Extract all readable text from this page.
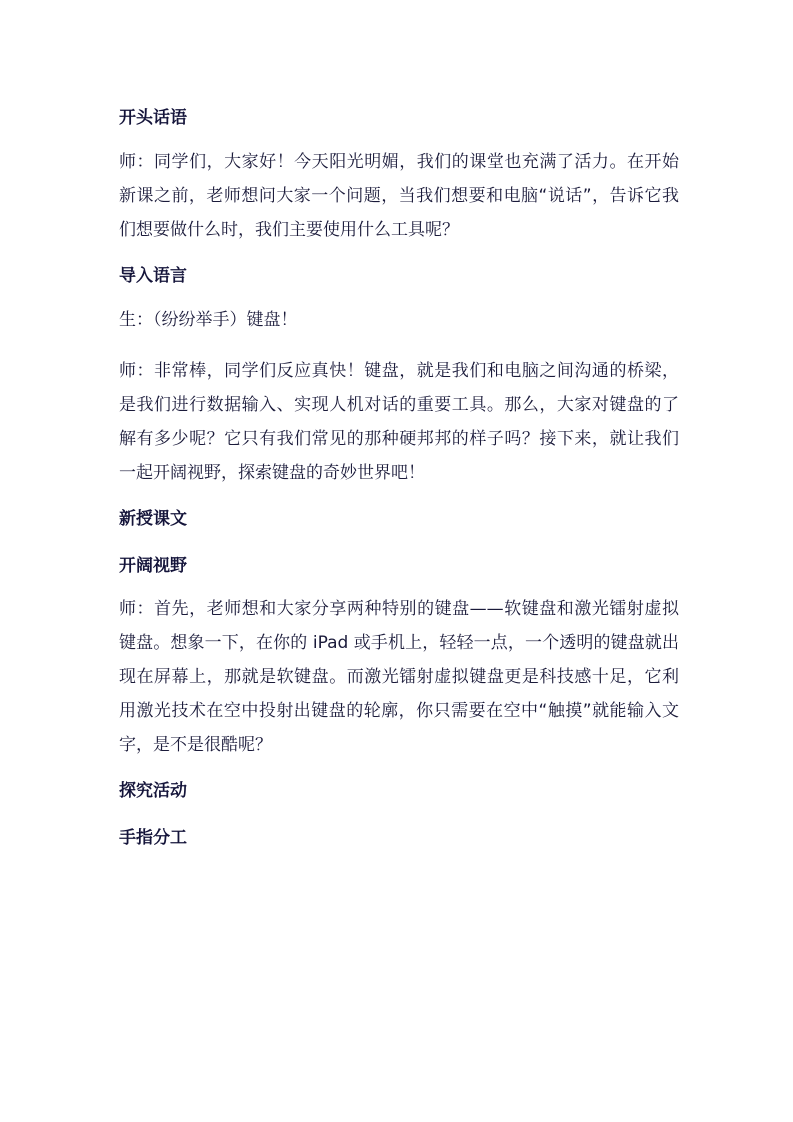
开头话语

师：同学们，大家好！今天阳光明媚，我们的课堂也充满了活力。在开始新课之前，老师想问大家一个问题，当我们想要和电脑“说话”，告诉它我们想要做什么时，我们主要使用什么工具呢？

导入语言

生：（纷纷举手）键盘！

师：非常棒，同学们反应真快！键盘，就是我们和电脑之间沟通的桥梁，是我们进行数据输入、实现人机对话的重要工具。那么，大家对键盘的了解有多少呢？它只有我们常见的那种硬邦邦的样子吗？接下来，就让我们一起开阔视野，探索键盘的奇妙世界吧！

新授课文
开阔视野

师：首先，老师想和大家分享两种特别的键盘——软键盘和激光镭射虚拟键盘。想象一下，在你的 iPad 或手机上，轻轻一点，一个透明的键盘就出现在屏幕上，那就是软键盘。而激光镭射虚拟键盘更是科技感十足，它利用激光技术在空中投射出键盘的轮廓，你只需要在空中“触摸”就能输入文字，是不是很酷呢？

探究活动
手指分工
